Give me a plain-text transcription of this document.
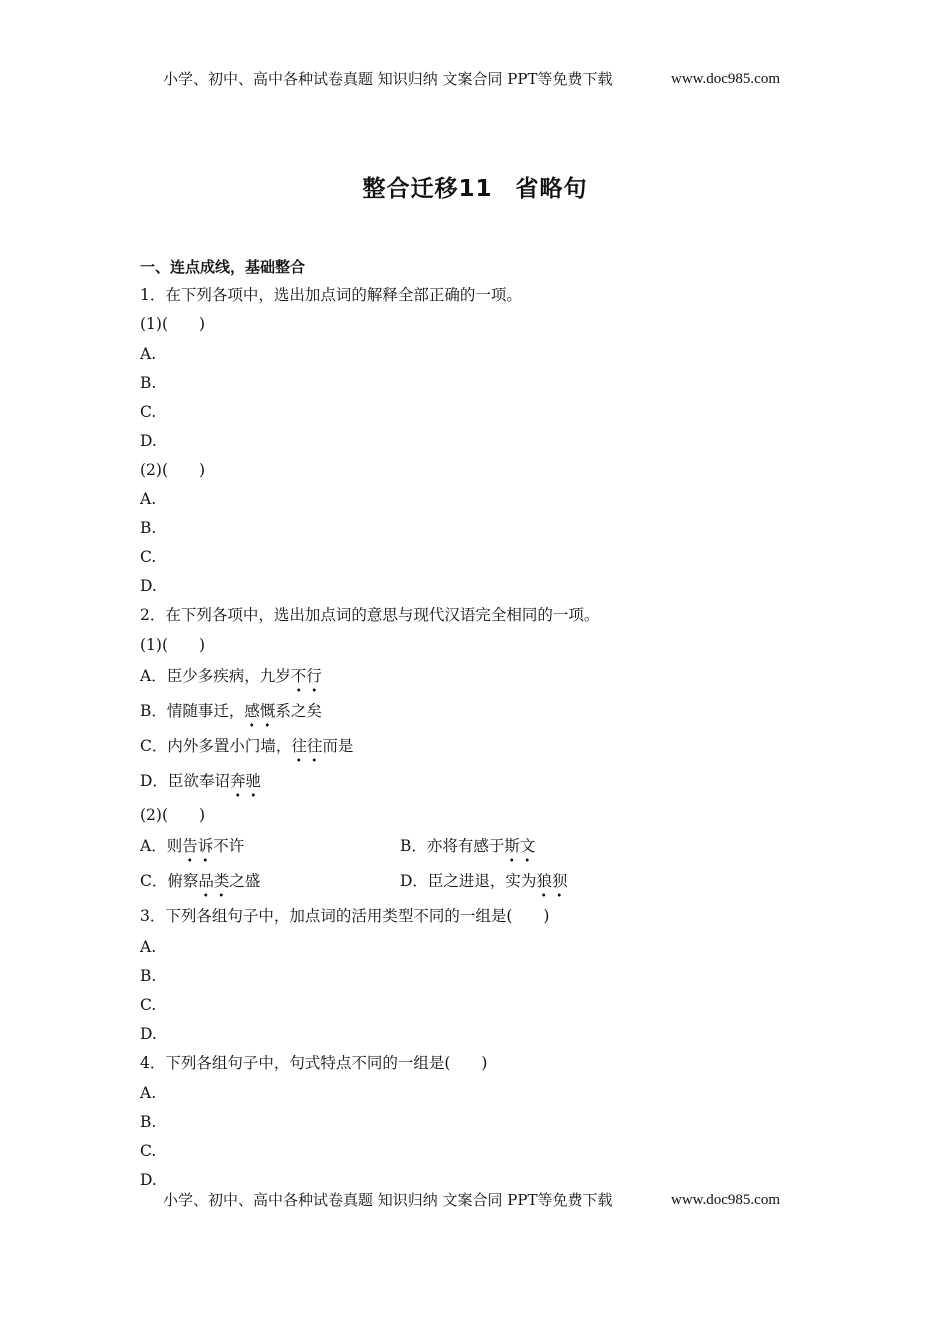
小学、初中、高中各种试卷真题 知识归纳 文案合同 PPT等免费下载	www.doc985.com
整合迁移11 省略句
一、连点成线，基础整合
1．在下列各项中，选出加点词的解释全部正确的一项。
(1)(　　)
A.
B.
C.
D.
(2)(　　)
A.
B.
C.
D.
2．在下列各项中，选出加点词的意思与现代汉语完全相同的一项。
(1)(　　)
A．臣少多疾病，九岁不行
B．情随事迁，感慨系之矣
C．内外多置小门墙，往往而是
D．臣欲奉诏奔驰
(2)(　　)
A．则告诉不许	B．亦将有感于斯文
C．俯察品类之盛	D．臣之进退，实为狼狈
3．下列各组句子中，加点词的活用类型不同的一组是(　　)
A.
B.
C.
D.
4．下列各组句子中，句式特点不同的一组是(　　)
A.
B.
C.
D.
小学、初中、高中各种试卷真题 知识归纳 文案合同 PPT等免费下载	www.doc985.com
